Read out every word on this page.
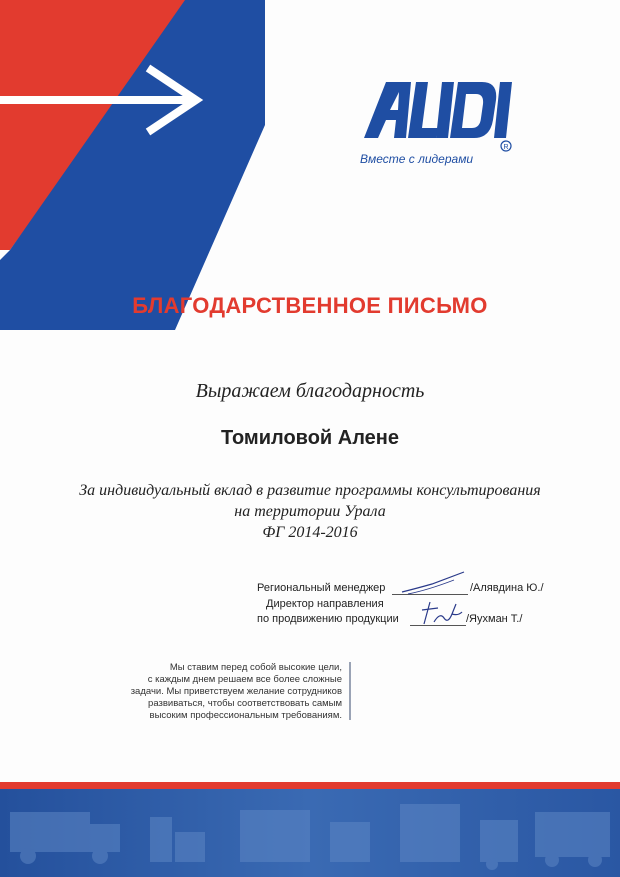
R
Вместе с лидерами
БЛАГОДАРСТВЕННОЕ ПИСЬМО
Выражаем благодарность
Томиловой Алене
За индивидуальный вклад в развитие программы консультирования
на территории Урала
ФГ 2014-2016
Региональный менеджер	/Алявдина Ю./
Директор направления
по продвижению продукции	/Яухман Т./
Мы ставим перед собой высокие цели,
с каждым днем решаем все более сложные
задачи. Мы приветствуем желание сотрудников
развиваться, чтобы соответствовать самым
высоким профессиональным требованиям.
